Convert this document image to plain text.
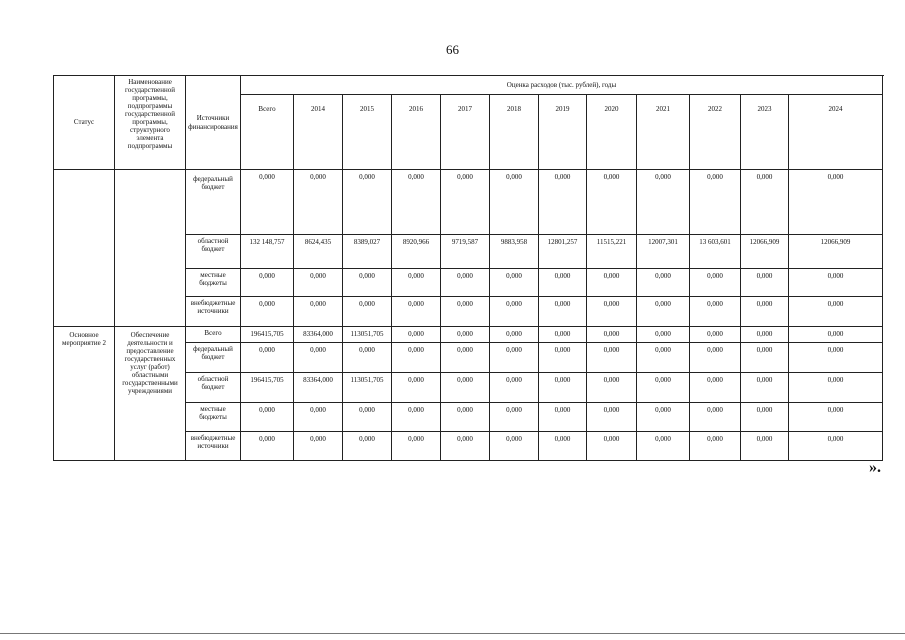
66
Статус	Наименование государственной программы, подпрограммы государственной программы, структурного элемента подпрограммы	Источники финансирования	Оценка расходов (тыс. рублей), годы												
			Всего	2014	2015	2016	2017	2018	2019	2020	2021	2022	2023	2024	
		федеральный бюджет	0,000	0,000	0,000	0,000	0,000	0,000	0,000	0,000	0,000	0,000	0,000	0,000	
		областной бюджет	132 148,757	8624,435	8389,027	8920,966	9719,587	9883,958	12801,257	11515,221	12007,301	13 603,601	12066,909	12066,909	
		местные бюджеты	0,000	0,000	0,000	0,000	0,000	0,000	0,000	0,000	0,000	0,000	0,000	0,000	
		внебюджетные источники	0,000	0,000	0,000	0,000	0,000	0,000	0,000	0,000	0,000	0,000	0,000	0,000	
Основное мероприятие 2	Обеспечение деятельности и предоставление государственных услуг (работ) областными государственными учреждениями	Всего	196415,705	83364,000	113051,705	0,000	0,000	0,000	0,000	0,000	0,000	0,000	0,000	0,000	
		федеральный бюджет	0,000	0,000	0,000	0,000	0,000	0,000	0,000	0,000	0,000	0,000	0,000	0,000	
		областной бюджет	196415,705	83364,000	113051,705	0,000	0,000	0,000	0,000	0,000	0,000	0,000	0,000	0,000	
		местные бюджеты	0,000	0,000	0,000	0,000	0,000	0,000	0,000	0,000	0,000	0,000	0,000	0,000	
		внебюджетные источники	0,000	0,000	0,000	0,000	0,000	0,000	0,000	0,000	0,000	0,000	0,000	0,000	
».
